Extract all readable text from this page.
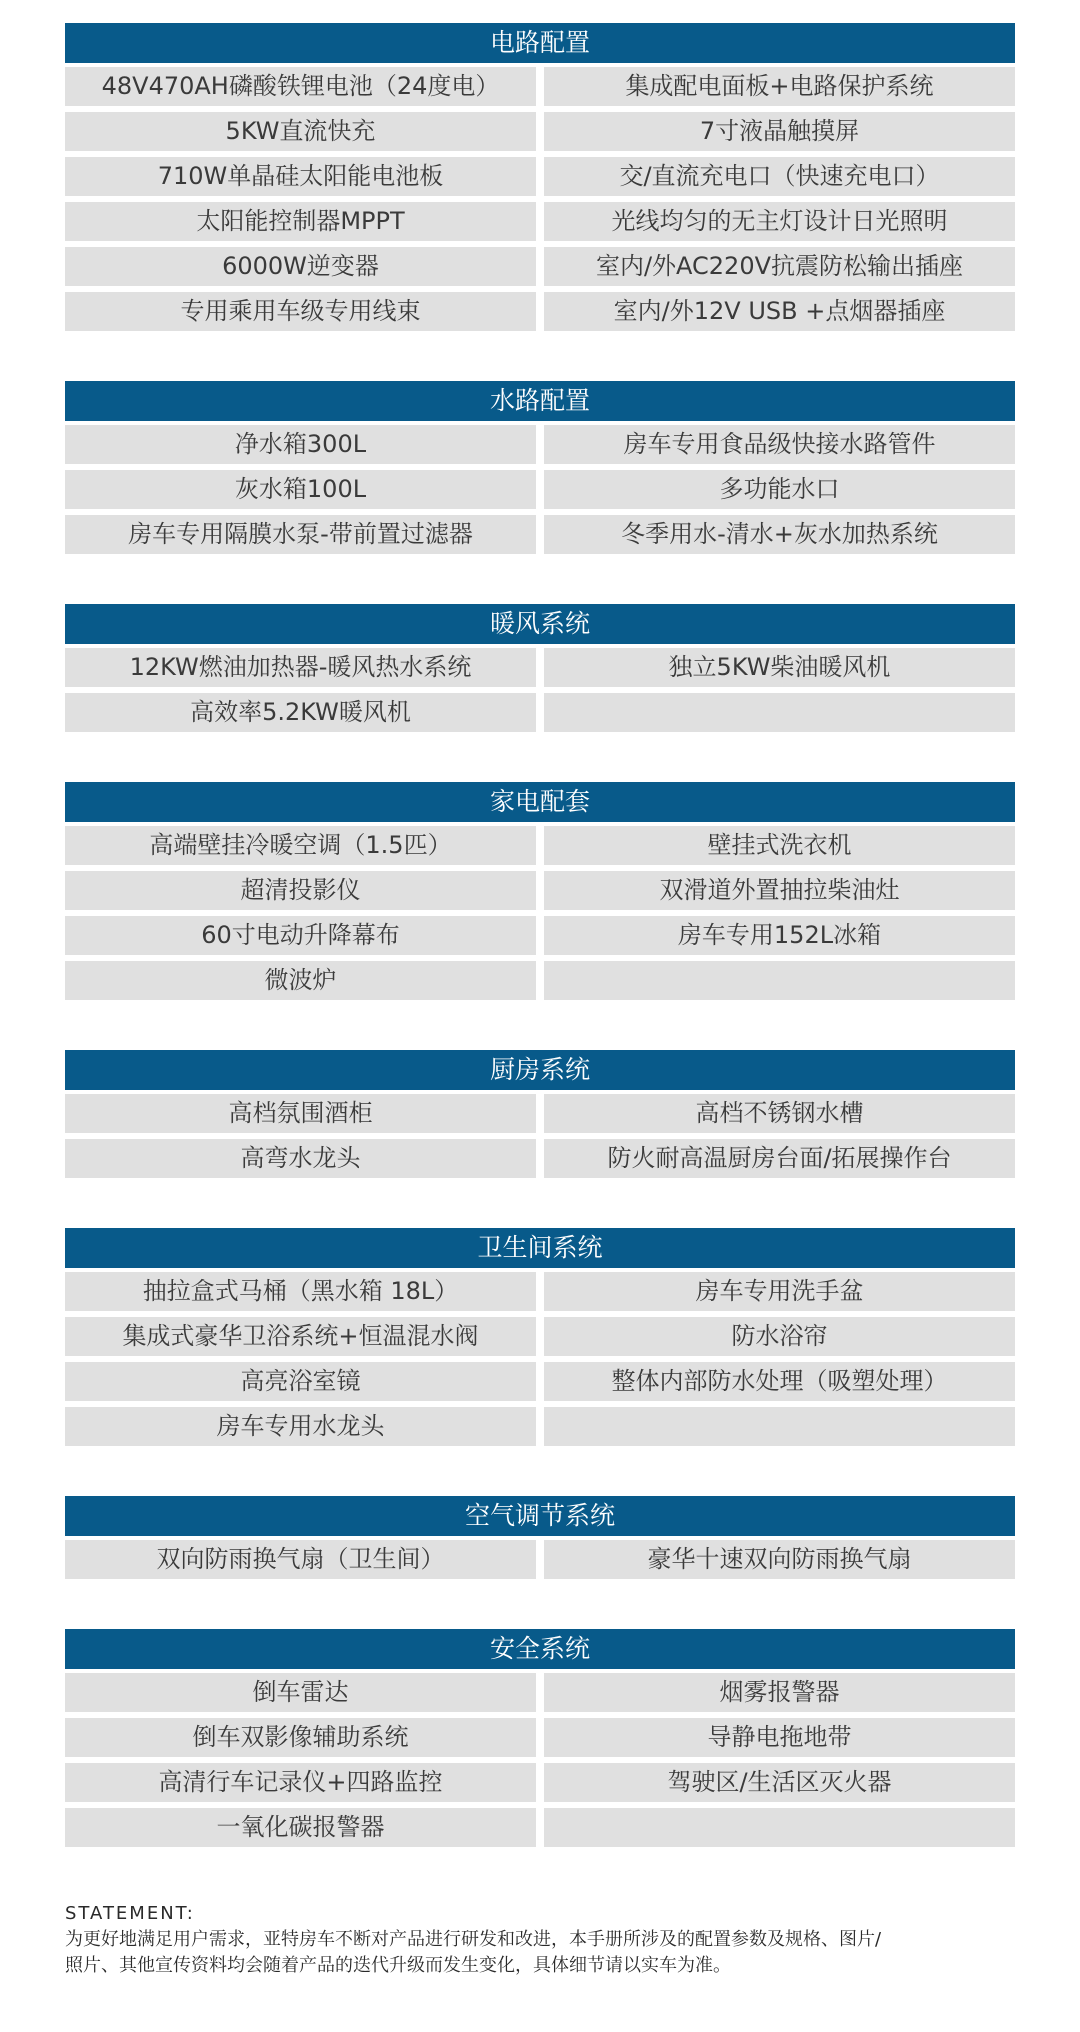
电路配置
48V470AH磷酸铁锂电池（24度电）	集成配电面板+电路保护系统
5KW直流快充	7寸液晶触摸屏
710W单晶硅太阳能电池板	交/直流充电口（快速充电口）
太阳能控制器MPPT	光线均匀的无主灯设计日光照明
6000W逆变器	室内/外AC220V抗震防松输出插座
专用乘用车级专用线束	室内/外12V USB +点烟器插座
水路配置
净水箱300L	房车专用食品级快接水路管件
灰水箱100L	多功能水口
房车专用隔膜水泵-带前置过滤器	冬季用水-清水+灰水加热系统
暖风系统
12KW燃油加热器-暖风热水系统	独立5KW柴油暖风机
高效率5.2KW暖风机
家电配套
高端壁挂冷暖空调（1.5匹）	壁挂式洗衣机
超清投影仪	双滑道外置抽拉柴油灶
60寸电动升降幕布	房车专用152L冰箱
微波炉
厨房系统
高档氛围酒柜	高档不锈钢水槽
高弯水龙头	防火耐高温厨房台面/拓展操作台
卫生间系统
抽拉盒式马桶（黑水箱 18L）	房车专用洗手盆
集成式豪华卫浴系统+恒温混水阀	防水浴帘
高亮浴室镜	整体内部防水处理（吸塑处理）
房车专用水龙头
空气调节系统
双向防雨换气扇（卫生间）	豪华十速双向防雨换气扇
安全系统
倒车雷达	烟雾报警器
倒车双影像辅助系统	导静电拖地带
高清行车记录仪+四路监控	驾驶区/生活区灭火器
一氧化碳报警器
STATEMENT:
为更好地满足用户需求，亚特房车不断对产品进行研发和改进，本手册所涉及的配置参数及规格、图片/
照片、其他宣传资料均会随着产品的迭代升级而发生变化，具体细节请以实车为准。
